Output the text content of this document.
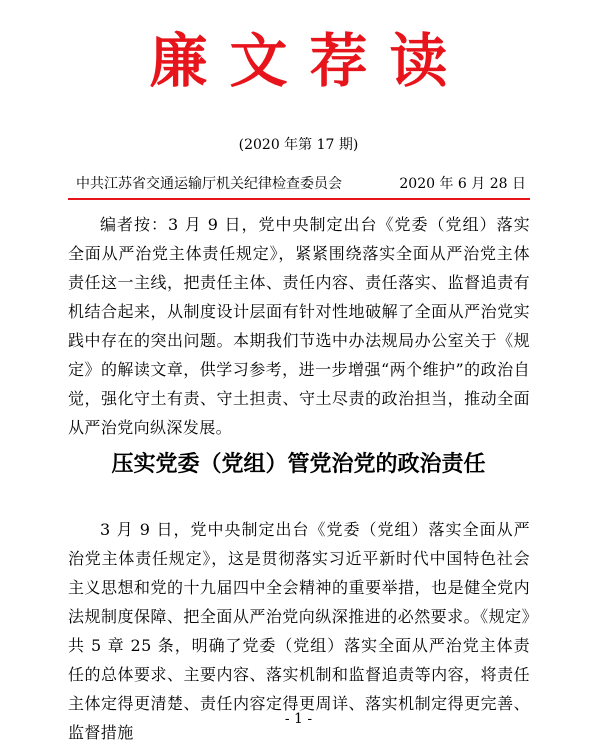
廉文荐读
(2020 年第 17 期)
中共江苏省交通运输厅机关纪律检查委员会	2020 年 6 月 28 日

编者按：3 月 9 日，党中央制定出台《党委（党组）落实全面从严治党主体责任规定》，紧紧围绕落实全面从严治党主体责任这一主线，把责任主体、责任内容、责任落实、监督追责有机结合起来，从制度设计层面有针对性地破解了全面从严治党实践中存在的突出问题。本期我们节选中办法规局办公室关于《规定》的解读文章，供学习参考，进一步增强“两个维护”的政治自觉，强化守土有责、守土担责、守土尽责的政治担当，推动全面从严治党向纵深发展。

压实党委（党组）管党治党的政治责任

3 月 9 日，党中央制定出台《党委（党组）落实全面从严治党主体责任规定》，这是贯彻落实习近平新时代中国特色社会主义思想和党的十九届四中全会精神的重要举措，也是健全党内法规制度保障、把全面从严治党向纵深推进的必然要求。《规定》共 5 章 25 条，明确了党委（党组）落实全面从严治党主体责任的总体要求、主要内容、落实机制和监督追责等内容，将责任主体定得更清楚、责任内容定得更周详、落实机制定得更完善、监督措施

- 1 -
